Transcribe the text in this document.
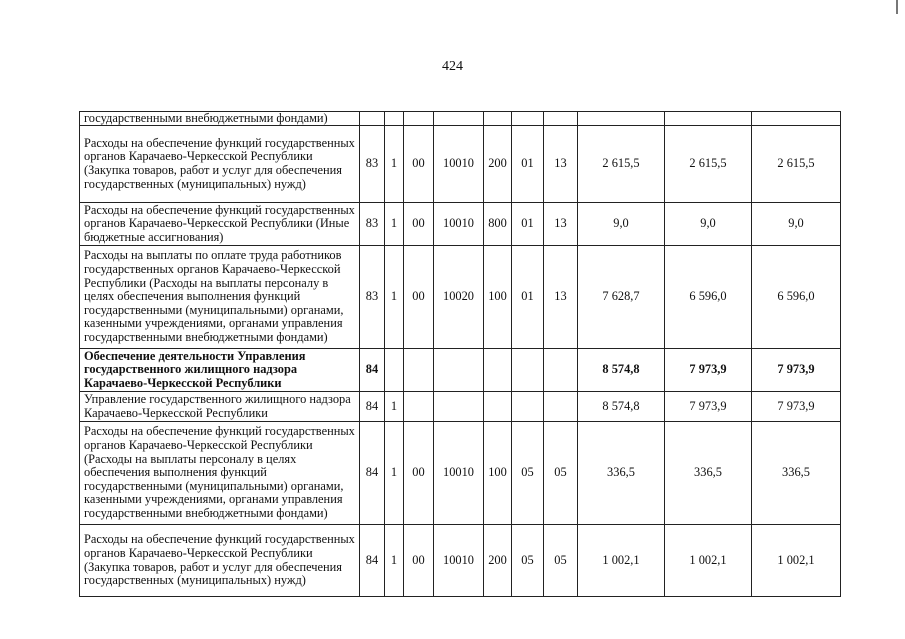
424
государственными внебюджетными фондами)										
Расходы на обеспечение функций государственных органов Карачаево-Черкесской Республики (Закупка товаров, работ и услуг для обеспечения государственных (муниципальных) нужд)	83	1	00	10010	200	01	13	2 615,5	2 615,5	2 615,5
Расходы на обеспечение функций государственных органов Карачаево-Черкесской Республики (Иные бюджетные ассигнования)	83	1	00	10010	800	01	13	9,0	9,0	9,0
Расходы на выплаты по оплате труда работников государственных органов Карачаево-Черкесской Республики (Расходы на выплаты персоналу в целях обеспечения выполнения функций государственными (муниципальными) органами, казенными учреждениями, органами управления государственными внебюджетными фондами)	83	1	00	10020	100	01	13	7 628,7	6 596,0	6 596,0
Обеспечение деятельности Управления государственного жилищного надзора Карачаево-Черкесской Республики	84							8 574,8	7 973,9	7 973,9
Управление государственного жилищного надзора Карачаево-Черкесской Республики	84	1						8 574,8	7 973,9	7 973,9
Расходы на обеспечение функций государственных органов Карачаево-Черкесской Республики (Расходы на выплаты персоналу в целях обеспечения выполнения функций государственными (муниципальными) органами, казенными учреждениями, органами управления государственными внебюджетными фондами)	84	1	00	10010	100	05	05	336,5	336,5	336,5
Расходы на обеспечение функций государственных органов Карачаево-Черкесской Республики (Закупка товаров, работ и услуг для обеспечения государственных (муниципальных) нужд)	84	1	00	10010	200	05	05	1 002,1	1 002,1	1 002,1
